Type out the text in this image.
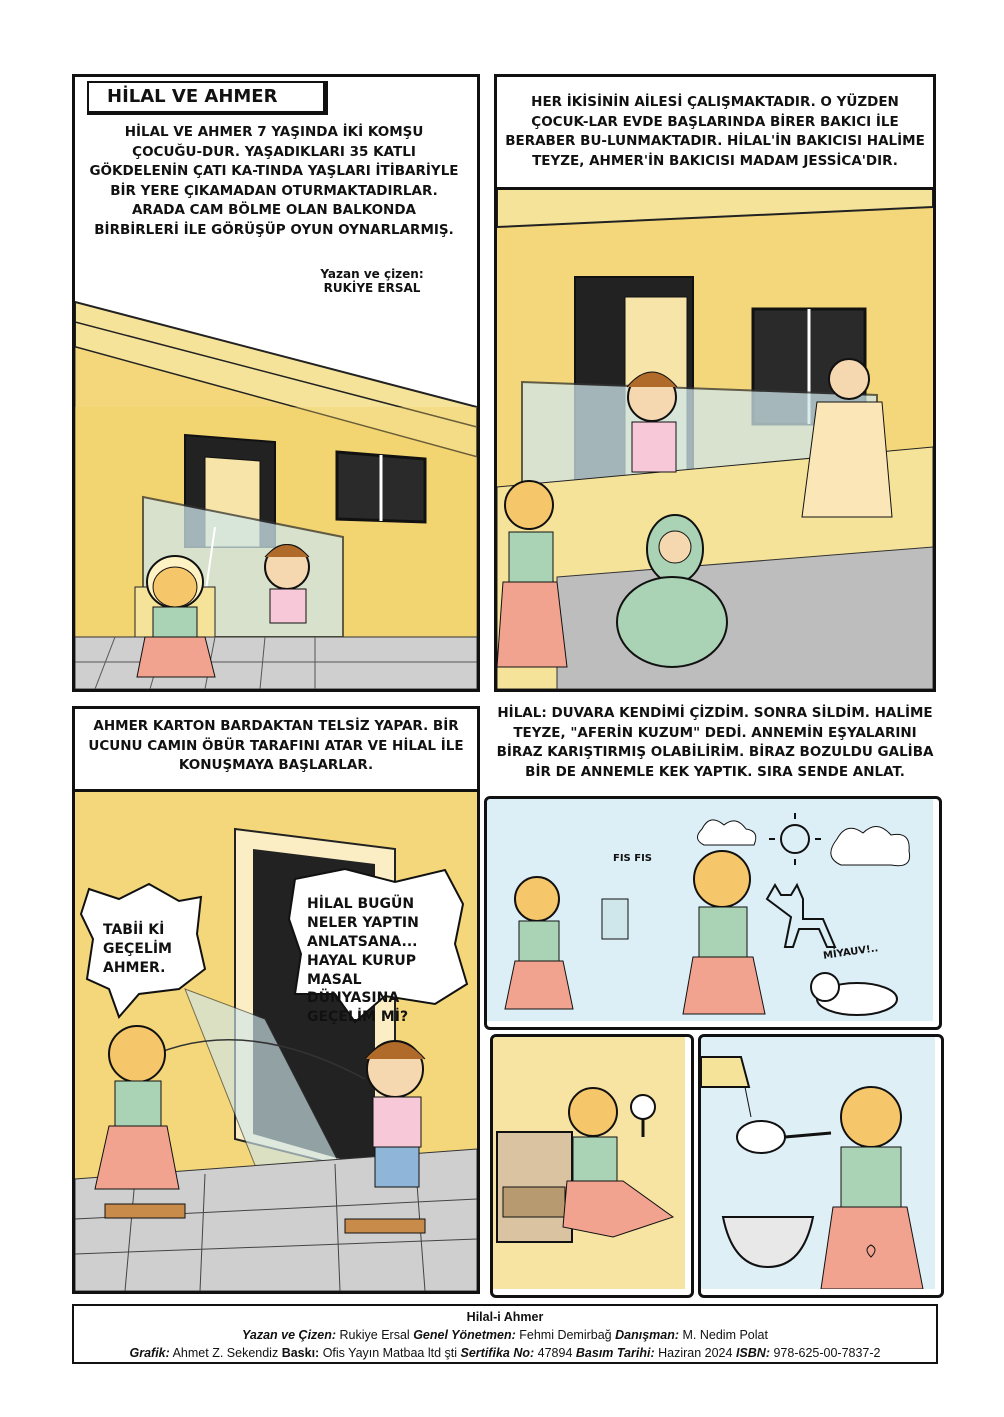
HİLAL VE AHMER
HİLAL VE AHMER 7 YAŞINDA İKİ KOMŞU ÇOCUĞU-DUR. YAŞADIKLARI 35 KATLI GÖKDELENİN ÇATI KA-TINDA YAŞLARI İTİBARİYLE BİR YERE ÇIKAMADAN OTURMAKTADIRLAR. ARADA CAM BÖLME OLAN BALKONDA BİRBİRLERİ İLE GÖRÜŞÜP OYUN OYNARLARMIŞ.
Yazan ve çizen:
RUKİYE ERSAL
HER İKİSİNİN AİLESİ ÇALIŞMAKTADIR. O YÜZDEN ÇOCUK-LAR EVDE BAŞLARINDA BİRER BAKICI İLE BERABER BU-LUNMAKTADIR. HİLAL'İN BAKICISI HALİME TEYZE, AHMER'İN BAKICISI MADAM JESSİCA'DIR.
AHMER KARTON BARDAKTAN TELSİZ YAPAR. BİR UCUNU CAMIN ÖBÜR TARAFINI ATAR VE HİLAL İLE KONUŞMAYA BAŞLARLAR.
TABİİ Kİ GEÇELİM AHMER.
HİLAL BUGÜN NELER YAPTIN ANLATSANA... HAYAL KURUP MASAL DÜNYASINA GEÇELİM Mİ?
HİLAL: DUVARA KENDİMİ ÇİZDİM. SONRA SİLDİM. HALİME TEYZE, "AFERİN KUZUM" DEDİ. ANNEMİN EŞYALARINI BİRAZ KARIŞTIRMIŞ OLABİLİRİM. BİRAZ BOZULDU GALİBA BİR DE ANNEMLE KEK YAPTIK. SIRA SENDE ANLAT.
FIS FIS
MİYAUV!..
Hilal-i Ahmer
Yazan ve Çizen: Rukiye Ersal Genel Yönetmen: Fehmi Demirbağ Danışman: M. Nedim Polat
Grafik: Ahmet Z. Sekendiz Baskı: Ofis Yayın Matbaa ltd şti Sertifika No: 47894 Basım Tarihi: Haziran 2024 ISBN: 978-625-00-7837-2
